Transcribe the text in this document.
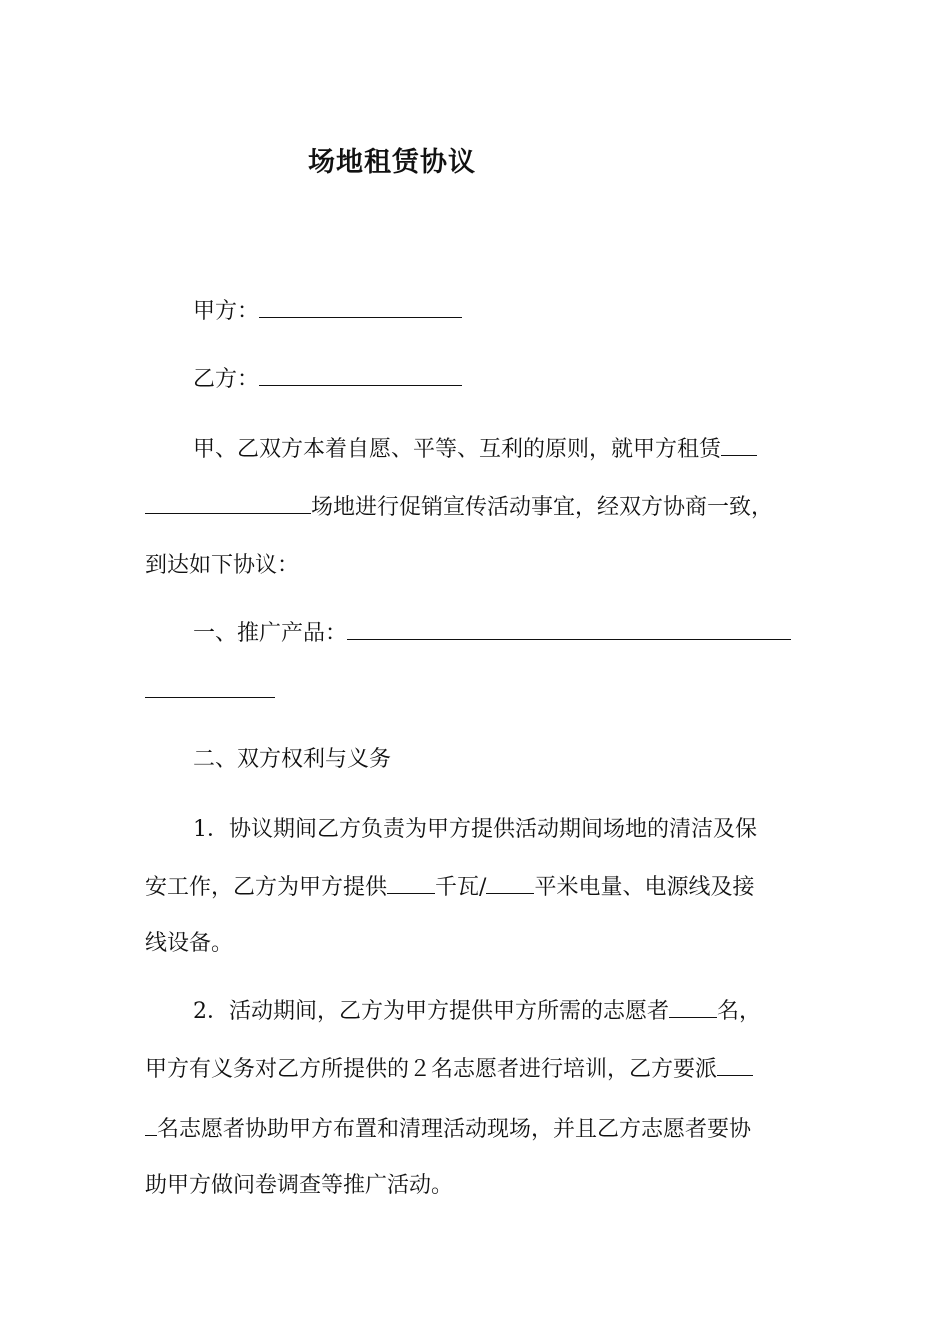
场地租赁协议
甲方：
乙方：
甲、乙双方本着自愿、平等、互利的原则，就甲方租赁
场地进行促销宣传活动事宜，经双方协商一致，
到达如下协议：
一、推广产品：
二、双方权利与义务
1．协议期间乙方负责为甲方提供活动期间场地的清洁及保
安工作，乙方为甲方提供 千瓦/ 平米电量、电源线及接
线设备。
2．活动期间，乙方为甲方提供甲方所需的志愿者 名，
甲方有义务对乙方所提供的２名志愿者进行培训，乙方要派
名志愿者协助甲方布置和清理活动现场，并且乙方志愿者要协
助甲方做问卷调查等推广活动。
